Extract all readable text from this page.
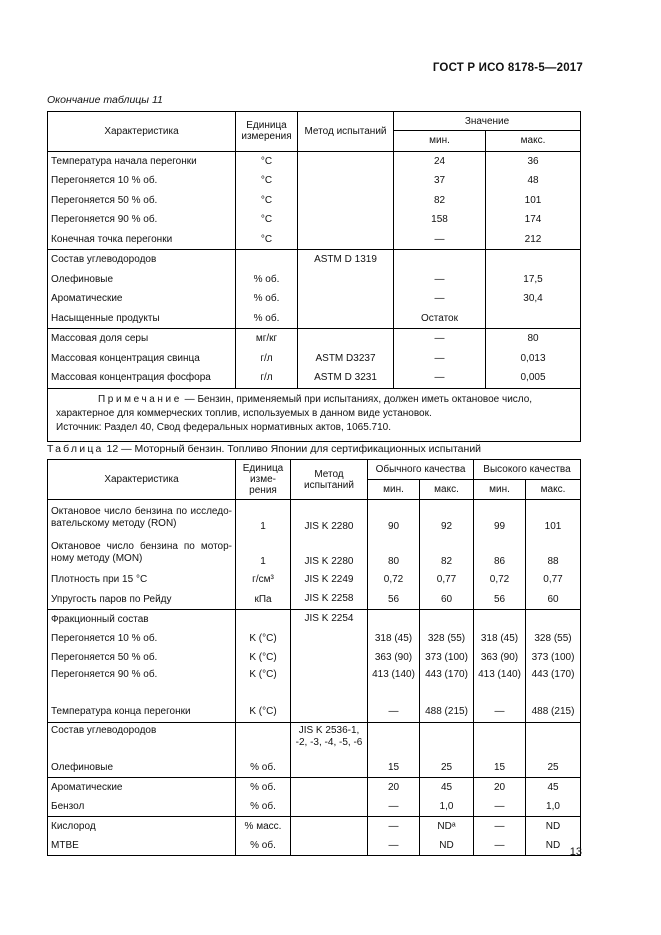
ГОСТ Р ИСО 8178-5—2017
Окончание таблицы 11
Характеристика	Единица измерения	Метод испытаний	Значение	
			мин.	макс.
Температура начала перегонки	°C		24	36
Перегоняется 10 % об.	°C		37	48
Перегоняется 50 % об.	°C		82	101
Перегоняется 90 % об.	°C		158	174
Конечная точка перегонки	°C		—	212
Состав углеводородов		ASTM D 1319		
Олефиновые	% об.		—	17,5
Ароматические	% об.		—	30,4
Насыщенные продукты	% об.		Остаток	
Массовая доля серы	мг/кг		—	80
Массовая концентрация свинца	г/л	ASTM D3237	—	0,013
Массовая концентрация фосфора	г/л	ASTM D 3231	—	0,005

Примечание — Бензин, применяемый при испытаниях, должен иметь октановое число, характерное для коммерческих топлив, используемых в данном виде установок.
Источник: Раздел 40, Свод федеральных нормативных актов, 1065.710.				
Таблица 12 — Моторный бензин. Топливо Японии для сертификационных испытаний
Характеристика	Единица изме-рения	Метод испытаний	Обычного качества		Высокого качества	
			мин.	макс.	мин.	макс.
Октановое число бензина по исследо-вательскому методу (RON)	1	JIS K 2280	90	92	99	101
Октановое число бензина по мотор-ному методу (MON)	1	JIS K 2280	80	82	86	88
Плотность при 15 °C	г/см³	JIS K 2249	0,72	0,77	0,72	0,77
Упругость паров по Рейду	кПа	JIS K 2258	56	60	56	60
Фракционный состав		JIS K 2254				
Перегоняется 10 % об.	K (°C)		318 (45)	328 (55)	318 (45)	328 (55)
Перегоняется 50 % об.	K (°C)		363 (90)	373 (100)	363 (90)	373 (100)
Перегоняется 90 % об.	K (°C)		413 (140)	443 (170)	413 (140)	443 (170)
Температура конца перегонки	K (°C)		—	488 (215)	—	488 (215)
Состав углеводородов		JIS K 2536-1, -2, -3, -4, -5, -6				
Олефиновые	% об.		15	25	15	25
Ароматические	% об.		20	45	20	45
Бензол	% об.		—	1,0	—	1,0
Кислород	% масс.		—	NDᵃ	—	ND
MTBE	% об.		—	ND	—	ND
13
